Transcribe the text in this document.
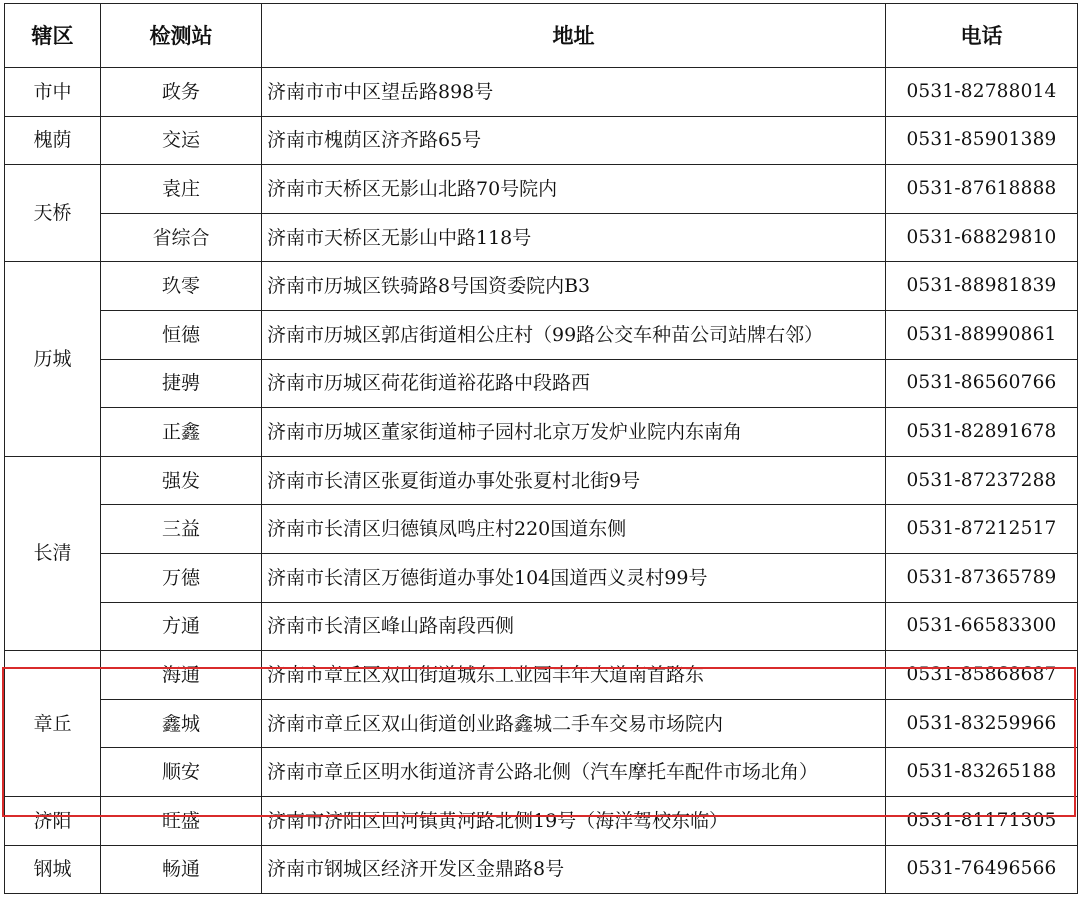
辖区	检测站	地址	电话
市中	政务	济南市市中区望岳路898号	0531-82788014
槐荫	交运	济南市槐荫区济齐路65号	0531-85901389
天桥	袁庄	济南市天桥区无影山北路70号院内	0531-87618888
	省综合	济南市天桥区无影山中路118号	0531-68829810
历城	玖零	济南市历城区铁骑路8号国资委院内B3	0531-88981839
	恒德	济南市历城区郭店街道相公庄村（99路公交车种苗公司站牌右邻）	0531-88990861
	捷骋	济南市历城区荷花街道裕花路中段路西	0531-86560766
	正鑫	济南市历城区董家街道柿子园村北京万发炉业院内东南角	0531-82891678
长清	强发	济南市长清区张夏街道办事处张夏村北街9号	0531-87237288
	三益	济南市长清区归德镇凤鸣庄村220国道东侧	0531-87212517
	万德	济南市长清区万德街道办事处104国道西义灵村99号	0531-87365789
	方通	济南市长清区峰山路南段西侧	0531-66583300
章丘	海通	济南市章丘区双山街道城东工业园丰年大道南首路东	0531-85868687
	鑫城	济南市章丘区双山街道创业路鑫城二手车交易市场院内	0531-83259966
	顺安	济南市章丘区明水街道济青公路北侧（汽车摩托车配件市场北角）	0531-83265188
济阳	旺盛	济南市济阳区回河镇黄河路北侧19号（海洋驾校东临）	0531-81171305
钢城	畅通	济南市钢城区经济开发区金鼎路8号	0531-76496566
